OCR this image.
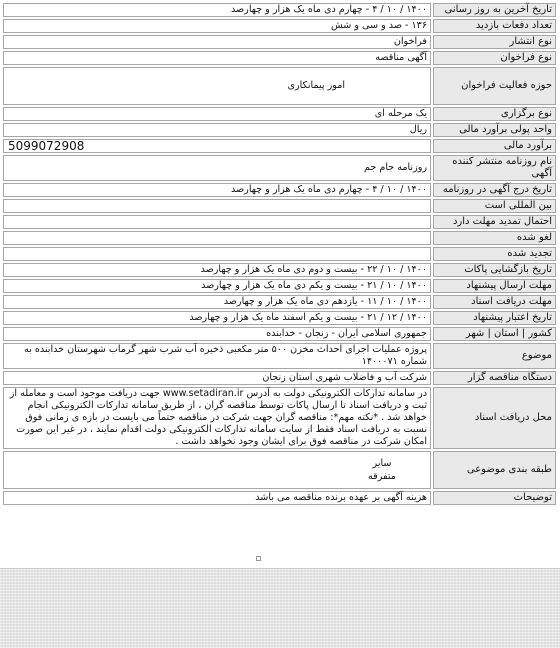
تاریخ آخرین به روز رسانی	۱۴۰۰ / ۱۰ / ۴ - چهارم دی ماه یک هزار و چهارصد
تعداد دفعات بازدید	۱۳۶ - صد و سی و شش
نوع انتشار	فراخوان
نوع فراخوان	آگهی مناقصه
حوزه فعالیت فراخوان	امور پیمانکاری
نوع برگزاری	یک مرحله ای
واحد پولی برآورد مالی	ریال
برآورد مالی	5099072908

نام روزنامه منتشر کننده آگهی	روزنامه جام جم
تاریخ درج آگهی در روزنامه	۱۴۰۰ / ۱۰ / ۴ - چهارم دی ماه یک هزار و چهارصد
بین المللی است	
احتمال تمدید مهلت دارد	
لغو شده	
تجدید شده	
تاریخ بازگشایی پاکات	۱۴۰۰ / ۱۰ / ۲۲ - بیست و دوم دی ماه یک هزار و چهارصد
مهلت ارسال پیشنهاد	۱۴۰۰ / ۱۰ / ۲۱ - بیست و یکم دی ماه یک هزار و چهارصد
مهلت دریافت اسناد	۱۴۰۰ / ۱۰ / ۱۱ - یازدهم دی ماه یک هزار و چهارصد
تاریخ اعتبار پیشنهاد	۱۴۰۰ / ۱۲ / ۲۱ - بیست و یکم اسفند ماه یک هزار و چهارصد
کشور | استان | شهر	جمهوری اسلامی ایران - زنجان - خدابنده
موضوع	پروژه عملیات اجرای احداث مخزن ۵۰۰ متر مکعبی ذخیره آب شرب شهر گرماب شهرستان خدابنده به شماره ۱۴۰۰۰۷۱
دستگاه مناقصه گزار	شرکت آب و فاضلاب شهری استان زنجان
محل دریافت اسناد	در سامانه تدارکات الکترونیکی دولت به آدرس www.setadiran.ir جهت دریافت موجود است و معامله از ثبت و دریافت اسناد تا ارسال پاکات توسط مناقصه گران ، از طریق سامانه تدارکات الکترونیکی انجام خواهد شد . *نکته مهم*: مناقصه گران جهت شرکت در مناقصه حتماً می بایست در بازه ی زمانی فوق نسبت به دریافت اسناد فقط از سایت سامانه تدارکات الکترونیکی دولت اقدام نمایند ، در غیر این صورت امکان شرکت در مناقصه فوق برای ایشان وجود نخواهد داشت .
طبقه بندی موضوعی	سایر
متفرقه

توضیحات	هزینه آگهی بر عهده برنده مناقصه می باشد
